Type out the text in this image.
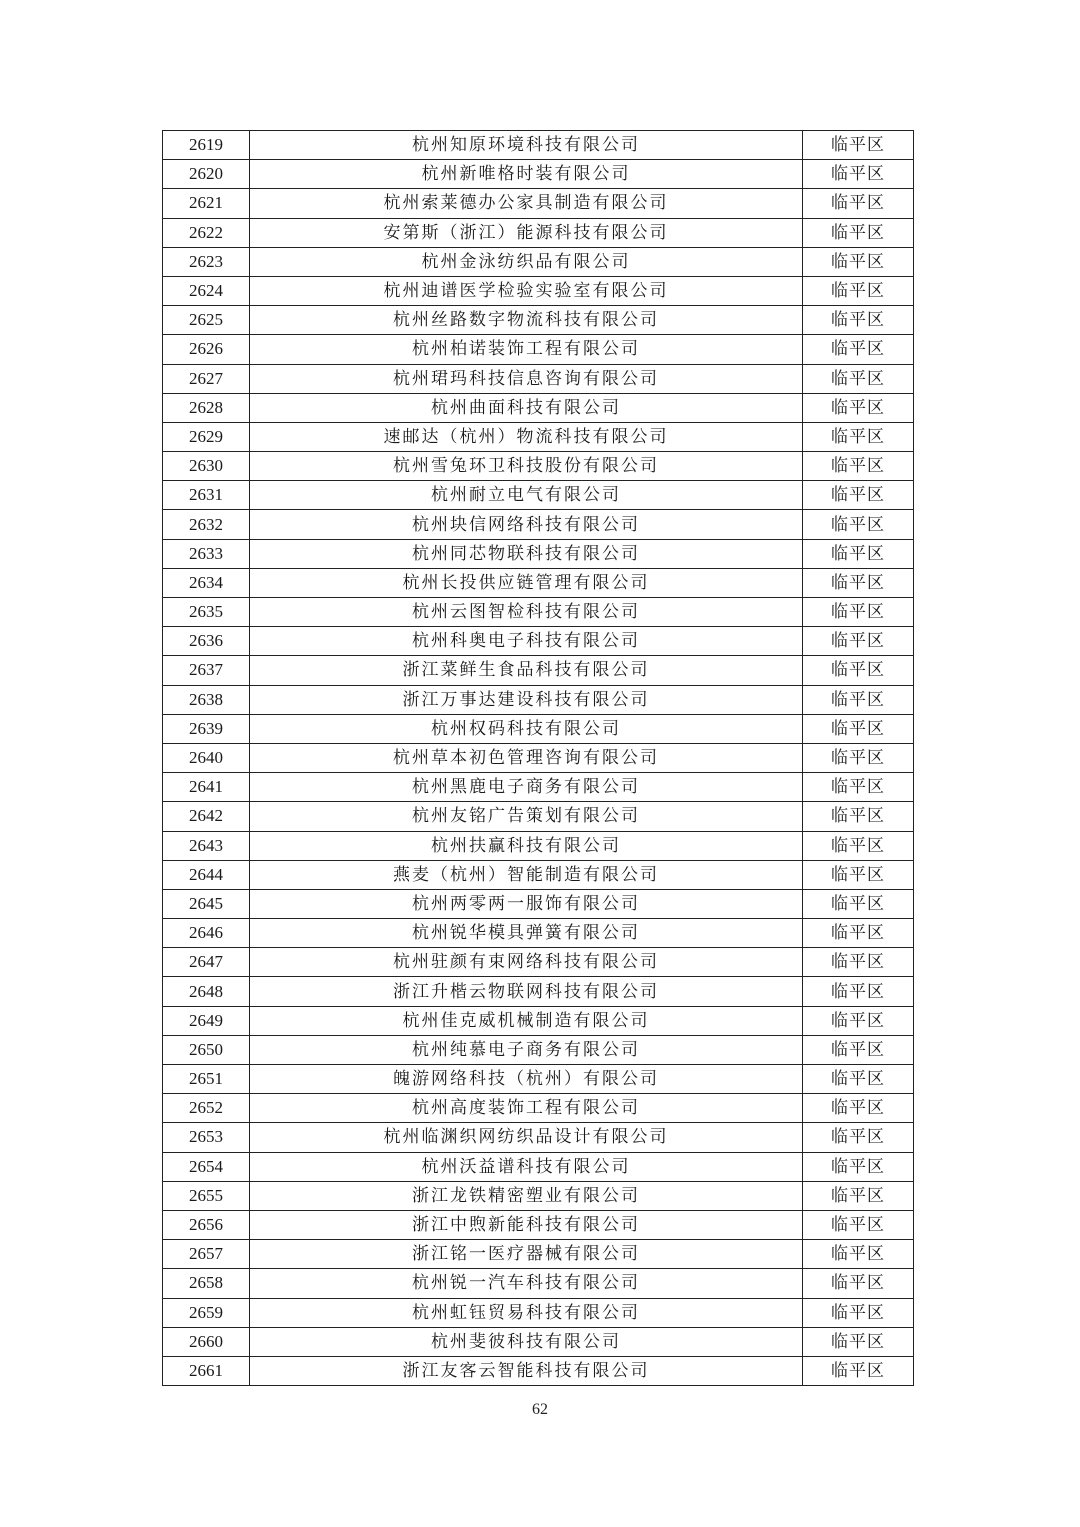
2619	杭州知原环境科技有限公司	临平区
2620	杭州新唯格时装有限公司	临平区
2621	杭州索莱德办公家具制造有限公司	临平区
2622	安第斯（浙江）能源科技有限公司	临平区
2623	杭州金泳纺织品有限公司	临平区
2624	杭州迪谱医学检验实验室有限公司	临平区
2625	杭州丝路数字物流科技有限公司	临平区
2626	杭州柏诺装饰工程有限公司	临平区
2627	杭州珺玛科技信息咨询有限公司	临平区
2628	杭州曲面科技有限公司	临平区
2629	速邮达（杭州）物流科技有限公司	临平区
2630	杭州雪兔环卫科技股份有限公司	临平区
2631	杭州耐立电气有限公司	临平区
2632	杭州块信网络科技有限公司	临平区
2633	杭州同芯物联科技有限公司	临平区
2634	杭州长投供应链管理有限公司	临平区
2635	杭州云图智检科技有限公司	临平区
2636	杭州科奥电子科技有限公司	临平区
2637	浙江菜鲜生食品科技有限公司	临平区
2638	浙江万事达建设科技有限公司	临平区
2639	杭州权码科技有限公司	临平区
2640	杭州草本初色管理咨询有限公司	临平区
2641	杭州黑鹿电子商务有限公司	临平区
2642	杭州友铭广告策划有限公司	临平区
2643	杭州扶赢科技有限公司	临平区
2644	燕麦（杭州）智能制造有限公司	临平区
2645	杭州两零两一服饰有限公司	临平区
2646	杭州锐华模具弹簧有限公司	临平区
2647	杭州驻颜有束网络科技有限公司	临平区
2648	浙江升楷云物联网科技有限公司	临平区
2649	杭州佳克威机械制造有限公司	临平区
2650	杭州纯慕电子商务有限公司	临平区
2651	魄游网络科技（杭州）有限公司	临平区
2652	杭州高度装饰工程有限公司	临平区
2653	杭州临渊织网纺织品设计有限公司	临平区
2654	杭州沃益谱科技有限公司	临平区
2655	浙江龙铁精密塑业有限公司	临平区
2656	浙江中煦新能科技有限公司	临平区
2657	浙江铭一医疗器械有限公司	临平区
2658	杭州锐一汽车科技有限公司	临平区
2659	杭州虹钰贸易科技有限公司	临平区
2660	杭州斐彼科技有限公司	临平区
2661	浙江友客云智能科技有限公司	临平区
62
